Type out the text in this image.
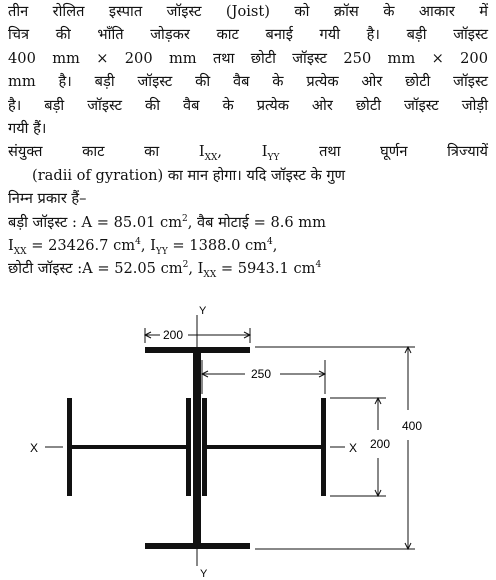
तीन रोलित इस्पात जॉइस्ट (Joist) को क्रॉस के आकार में
चित्र की भाँति जोड़कर काट बनाई गयी है। बड़ी जॉइस्ट
400 mm × 200 mm तथा छोटी जॉइस्ट 250 mm × 200
mm है। बड़ी जॉइस्ट की वैब के प्रत्येक ओर छोटी जॉइस्ट
है। बड़ी जॉइस्ट की वैब के प्रत्येक ओर छोटी जॉइस्ट जोड़ी
गयी हैं।
संयुक्त काट का $I_{XX}$, $I_{YY}$ तथा घूर्णन त्रिज्यायें
(radii of gyration) का मान होगा। यदि जॉइस्ट के गुण
निम्न प्रकार हैं–
बड़ी जॉइस्ट : A = 85.01 $cm^2$, वैब मोटाई = 8.6 mm
$I_{XX} = 23426.7$ $cm^4$, $I_{YY} = 1388.0$ $cm^4$,
छोटी जॉइस्ट :A = 52.05 $cm^2$, $I_{XX} = 5943.1$ $cm^4$
X	X
Y
Y
200
250
200
400
